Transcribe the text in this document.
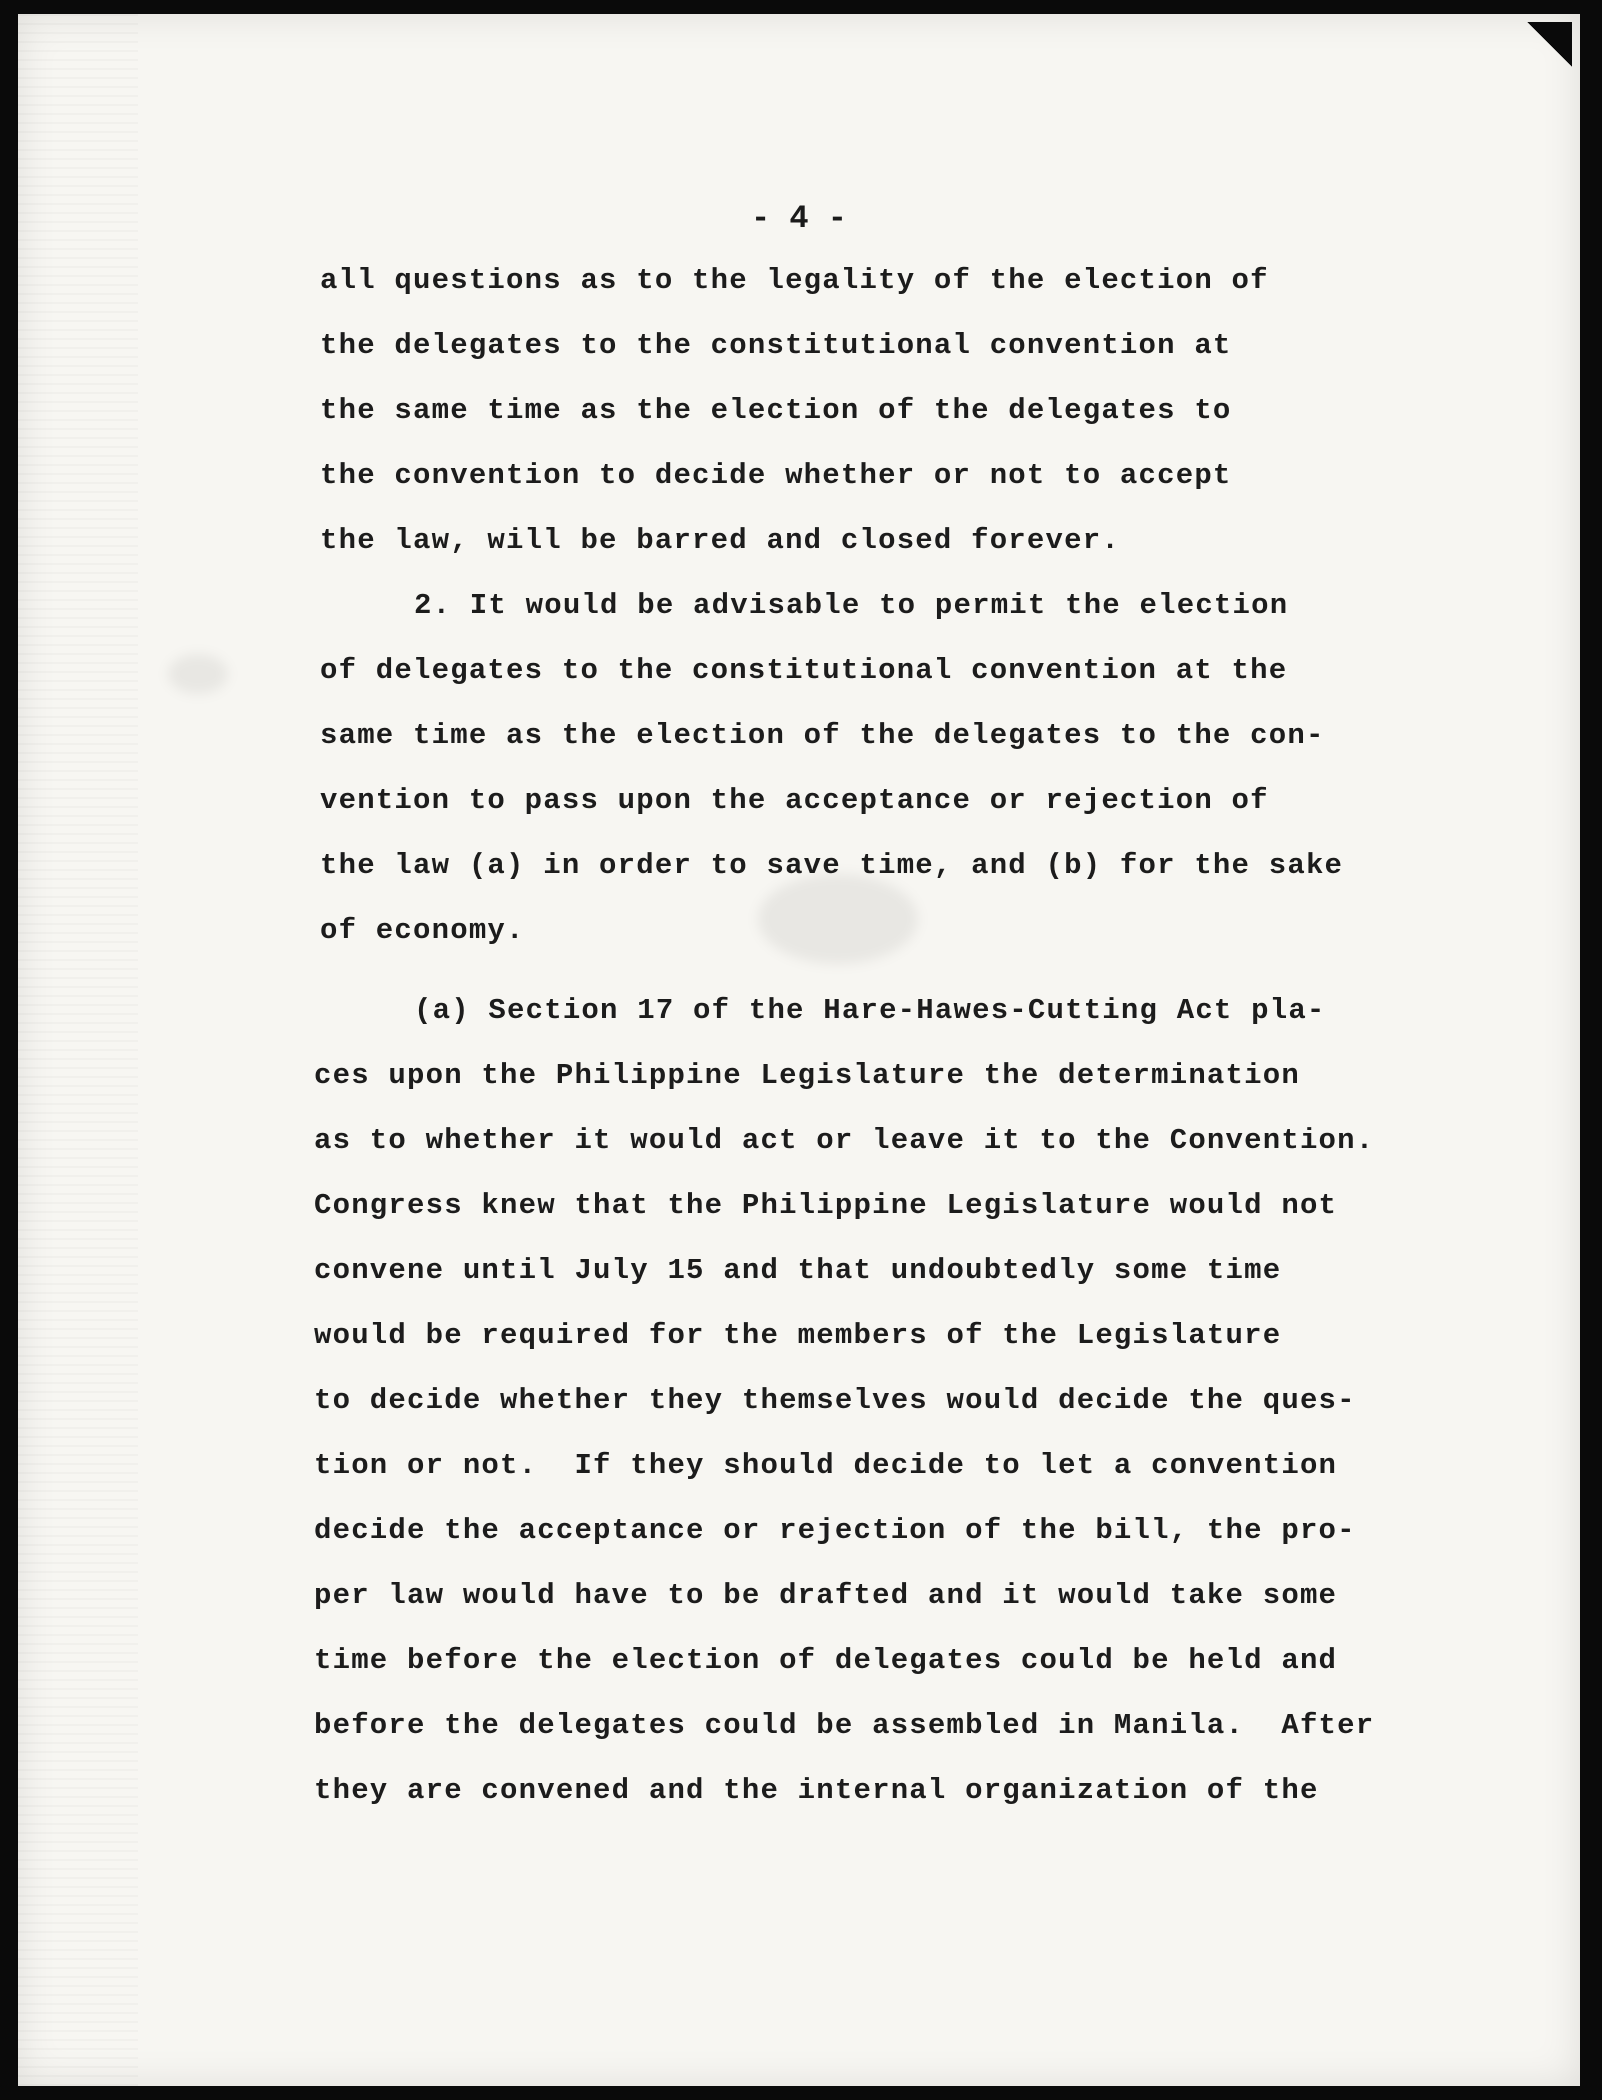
- 4 -
all questions as to the legality of the election of
the delegates to the constitutional convention at
the same time as the election of the delegates to
the convention to decide whether or not to accept
the law, will be barred and closed forever.
2. It would be advisable to permit the election
of delegates to the constitutional convention at the
same time as the election of the delegates to the con-
vention to pass upon the acceptance or rejection of
the law (a) in order to save time, and (b) for the sake
of economy.
(a) Section 17 of the Hare-Hawes-Cutting Act pla-
ces upon the Philippine Legislature the determination
as to whether it would act or leave it to the Convention.
Congress knew that the Philippine Legislature would not
convene until July 15 and that undoubtedly some time
would be required for the members of the Legislature
to decide whether they themselves would decide the ques-
tion or not.  If they should decide to let a convention
decide the acceptance or rejection of the bill, the pro-
per law would have to be drafted and it would take some
time before the election of delegates could be held and
before the delegates could be assembled in Manila.  After
they are convened and the internal organization of the
